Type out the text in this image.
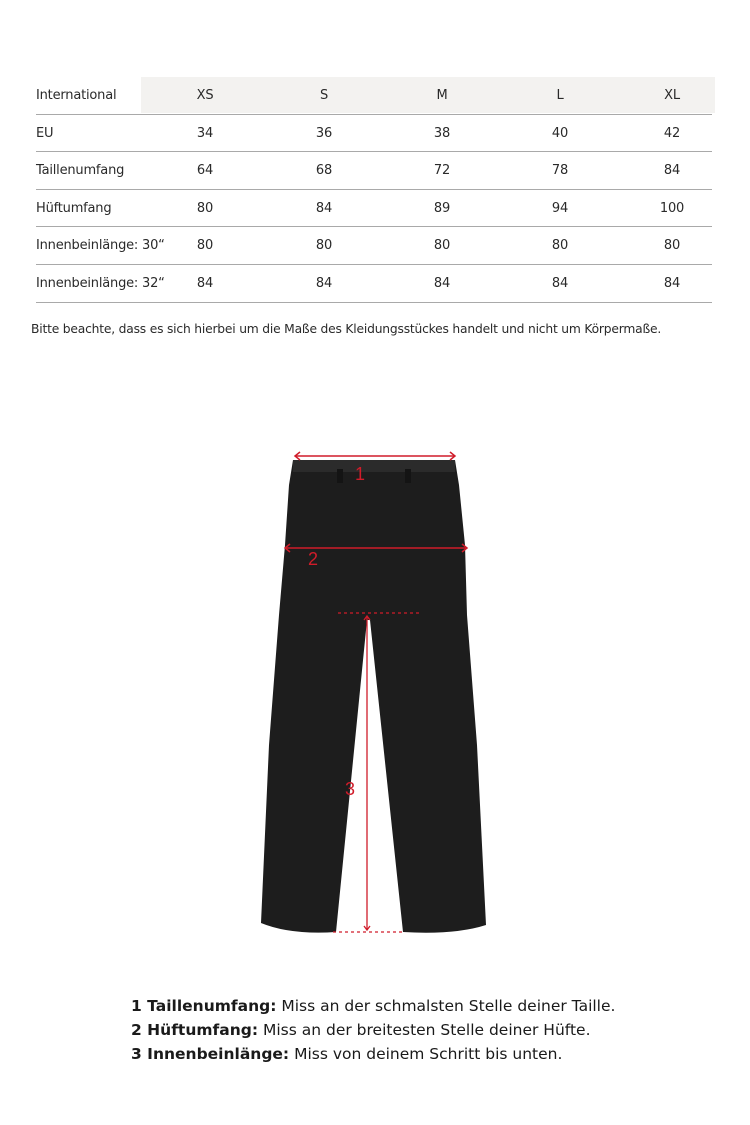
International	XS	S	M	L	XL
EU	34	36	38	40	42
Taillenumfang	64	68	72	78	84
Hüftumfang	80	84	89	94	100
Innenbeinlänge: 30“	80	80	80	80	80
Innenbeinlänge: 32“	84	84	84	84	84
Bitte beachte, dass es sich hierbei um die Maße des Kleidungsstückes handelt und nicht um Körpermaße.
1
2
3
1 Taillenumfang: Miss an der schmalsten Stelle deiner Taille.
2 Hüftumfang: Miss an der breitesten Stelle deiner Hüfte.
3 Innenbeinlänge: Miss von deinem Schritt bis unten.
